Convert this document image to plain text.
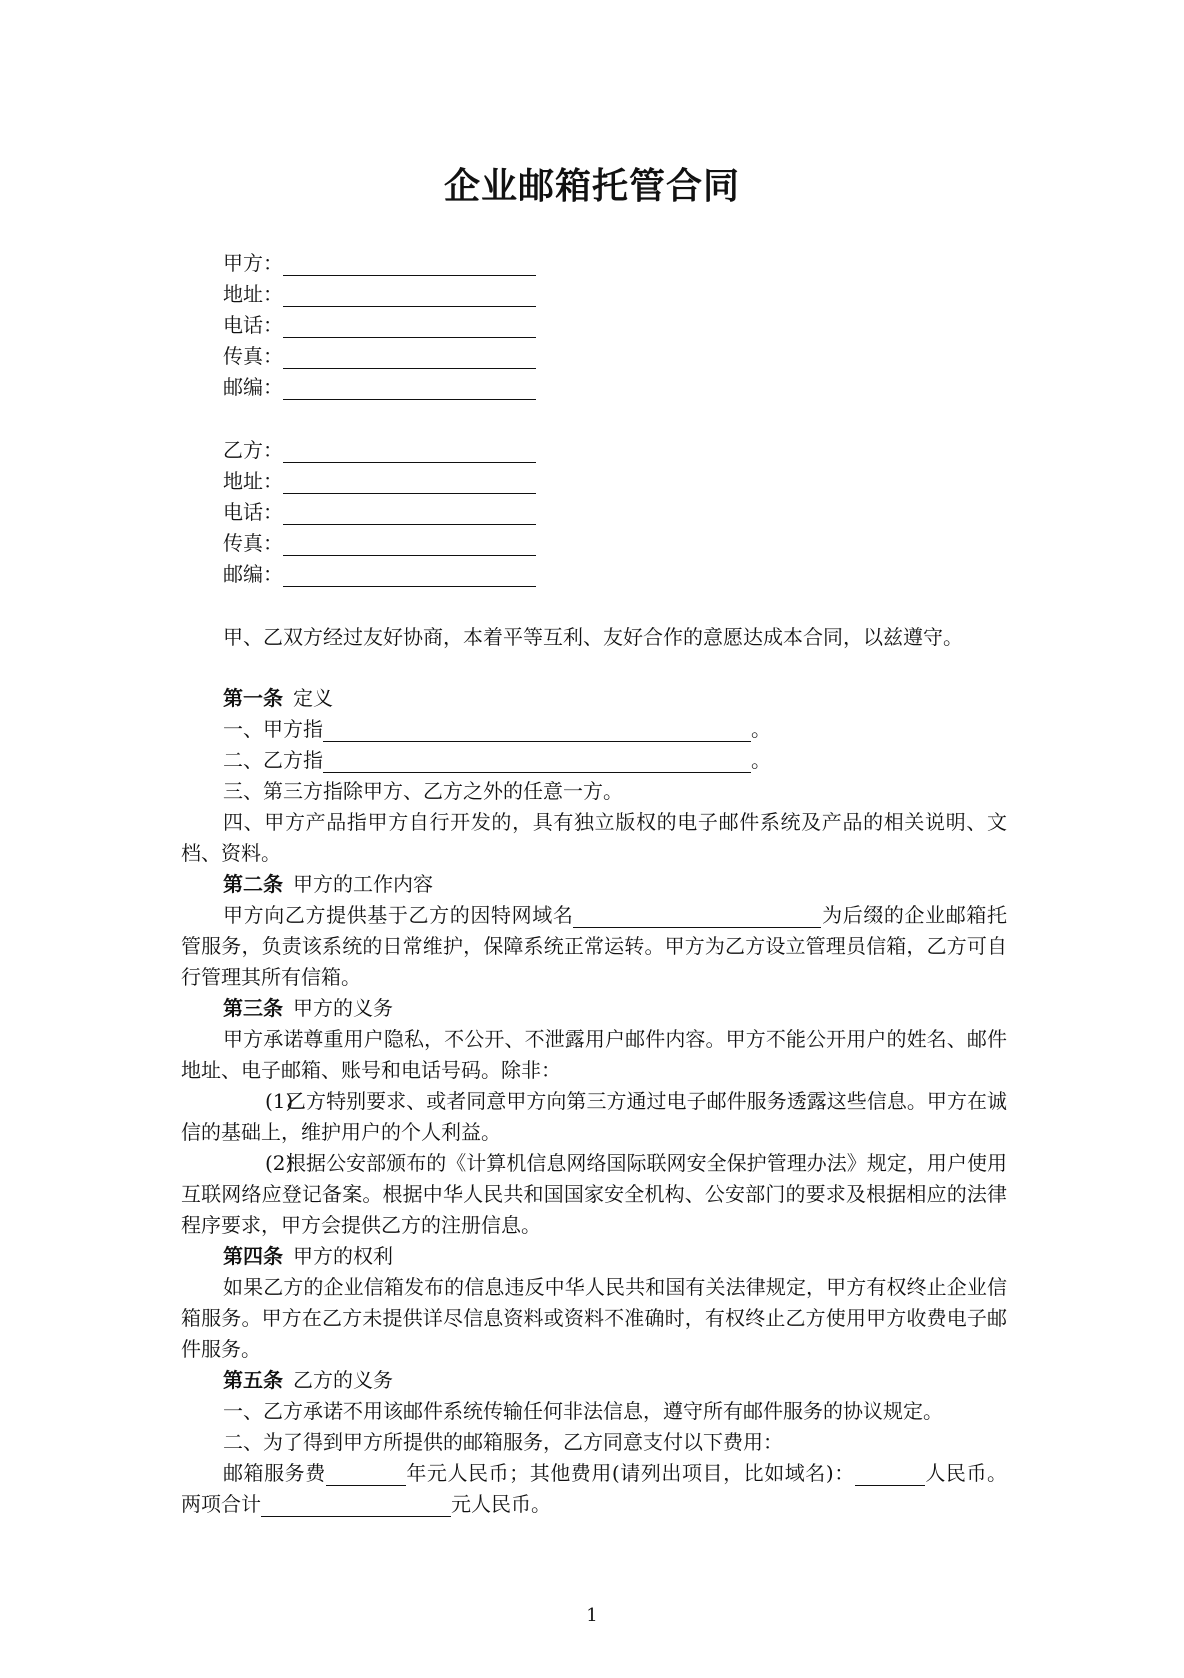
企业邮箱托管合同
甲方：
地址：
电话：
传真：
邮编：
乙方：
地址：
电话：
传真：
邮编：

甲、乙双方经过友好协商，本着平等互利、友好合作的意愿达成本合同，以兹遵守。

第一条 定义
一、甲方指	。
二、乙方指	。

三、第三方指除甲方、乙方之外的任意一方。

四、甲方产品指甲方自行开发的，具有独立版权的电子邮件系统及产品的相关说明、文档、资料。

第二条 甲方的工作内容

甲方向乙方提供基于乙方的因特网域名	为后缀的企业邮箱托管服务，负责该系统的日常维护，保障系统正常运转。甲方为乙方设立管理员信箱，乙方可自行管理其所有信箱。

第三条 甲方的义务

甲方承诺尊重用户隐私，不公开、不泄露用户邮件内容。甲方不能公开用户的姓名、邮件地址、电子邮箱、账号和电话号码。除非：

(1)乙方特别要求、或者同意甲方向第三方通过电子邮件服务透露这些信息。甲方在诚信的基础上，维护用户的个人利益。

(2)根据公安部颁布的《计算机信息网络国际联网安全保护管理办法》规定，用户使用互联网络应登记备案。根据中华人民共和国国家安全机构、公安部门的要求及根据相应的法律程序要求，甲方会提供乙方的注册信息。

第四条 甲方的权利

如果乙方的企业信箱发布的信息违反中华人民共和国有关法律规定，甲方有权终止企业信箱服务。甲方在乙方未提供详尽信息资料或资料不准确时，有权终止乙方使用甲方收费电子邮件服务。

第五条 乙方的义务

一、乙方承诺不用该邮件系统传输任何非法信息，遵守所有邮件服务的协议规定。

二、为了得到甲方所提供的邮箱服务，乙方同意支付以下费用：

邮箱服务费	年元人民币；其他费用(请列出项目，比如域名)：	人民币。两项合计	元人民币。

1
